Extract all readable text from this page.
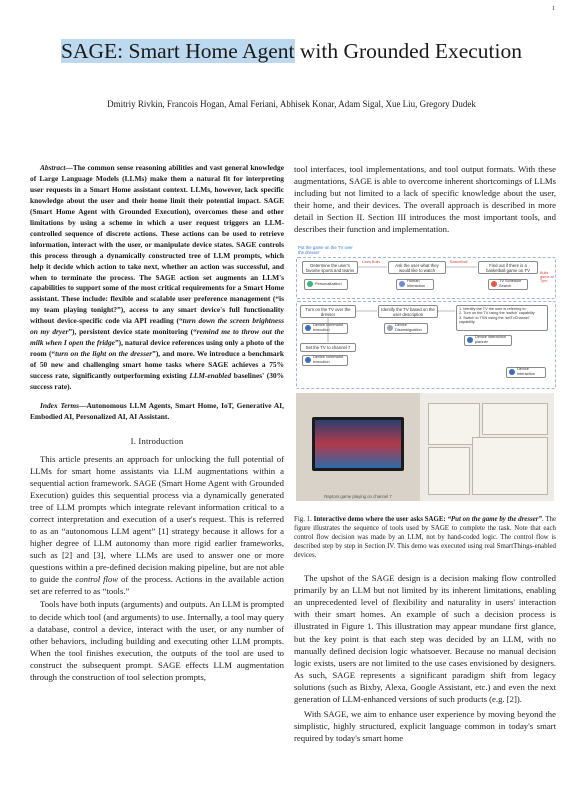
1
SAGE: Smart Home Agent with Grounded Execution
Dmitriy Rivkin, Francois Hogan, Amal Feriani, Abhisek Konar, Adam Sigal, Xue Liu, Gregory Dudek

Abstract—The common sense reasoning abilities and vast general knowledge of Large Language Models (LLMs) make them a natural fit for interpreting user requests in a Smart Home assistant context. LLMs, however, lack specific knowledge about the user and their home limit their potential impact. SAGE (Smart Home Agent with Grounded Execution), overcomes these and other limitations by using a scheme in which a user request triggers an LLM-controlled sequence of discrete actions. These actions can be used to retrieve information, interact with the user, or manipulate device states. SAGE controls this process through a dynamically constructed tree of LLM prompts, which help it decide which action to take next, whether an action was successful, and when to terminate the process. The SAGE action set augments an LLM's capabilities to support some of the most critical requirements for a Smart Home assistant. These include: flexible and scalable user preference management (“is my team playing tonight?”), access to any smart device's full functionality without device-specific code via API reading (“turn down the screen brightness on my dryer”), persistent device state monitoring (“remind me to throw out the milk when I open the fridge”), natural device references using only a photo of the room (“turn on the light on the dresser”), and more. We introduce a benchmark of 50 new and challenging smart home tasks where SAGE achieves a 75% success rate, significantly outperforming existing LLM-enabled baselines' (30% success rate).

Index Terms—Autonomous LLM Agents, Smart Home, IoT, Generative AI, Embodied AI, Personalized AI, AI Assistant.

I. Introduction

This article presents an approach for unlocking the full potential of LLMs for smart home assistants via LLM augmentations within a sequential action framework. SAGE (Smart Home Agent with Grounded Execution) guides this sequential process via a dynamically generated tree of LLM prompts which integrate relevant information critical to a correct interpretation and execution of a user's request. This is referred to as an “autonomous LLM agent” [1] strategy because it allows for a higher degree of LLM autonomy than more rigid earlier frameworks, such as [2] and [3], where LLMs are used to answer one or more questions within a pre-defined decision making pipeline, but are not able to guide the control flow of the process. Actions in the available action set are referred to as “tools.”

Tools have both inputs (arguments) and outputs. An LLM is prompted to decide which tool (and arguments) to use. Internally, a tool may query a database, control a device, interact with the user, or any number of other behaviors, including building and executing other LLM prompts. When the tool finishes execution, the outputs of the tool are used to construct the subsequent prompt. SAGE effects LLM augmentation through the construction of tool selection prompts,

tool interfaces, tool implementations, and tool output formats. With these augmentations, SAGE is able to overcome inherent shortcomings of LLMs including but not limited to a lack of specific knowledge about the user, their home, and their devices. The overall approach is described in more detail in Section II. Section III introduces the most important tools, and describes their function and implementation.

Put the game on the TV over the dresser
Determine the user's favorite sports and teams
Ask the user what they would like to watch
Find out if there is a basketball game on TV
Likes Bulls	Basketball
Bulls game at 7pm
Personalization	Human Interaction
TV Schedule Search
Turn on the TV over the dresser
Identify the TV based on the user description
1. Identify the TV the user is referring to
2. Turn on the TV using the 'switch' capability
3. Switch to TSN using the 'setTvChannel' capability
Device command execution
Device Disambiguation
Device interaction planner
Set the TV to channel 7
Device command execution
Device interaction
Raptors game playing on channel 7

Fig. 1. Interactive demo where the user asks SAGE: “Put on the game by the dresser”. The figure illustrates the sequence of tools used by SAGE to complete the task. Note that each control flow decision was made by an LLM, not by hand-coded logic. The control flow is described step by step in Section IV. This demo was executed using real SmartThings-enabled devices.

The upshot of the SAGE design is a decision making flow controlled primarily by an LLM but not limited by its inherent limitations, enabling an unprecedented level of flexibility and naturality in users' interaction with their smart homes. An example of such a decision process is illustrated in Figure 1. This illustration may appear mundane first glance, but the key point is that each step was decided by an LLM, with no manually defined decision logic whatsoever. Because no manual decision logic exists, users are not limited to the use cases envisioned by designers. As such, SAGE represents a significant paradigm shift from legacy solutions (such as Bixby, Alexa, Google Assistant, etc.) and even the next generation of LLM-enhanced versions of such products (e.g. [2]).

With SAGE, we aim to enhance user experience by moving beyond the simplistic, highly structured, explicit language common in today's smart required by today's smart home
